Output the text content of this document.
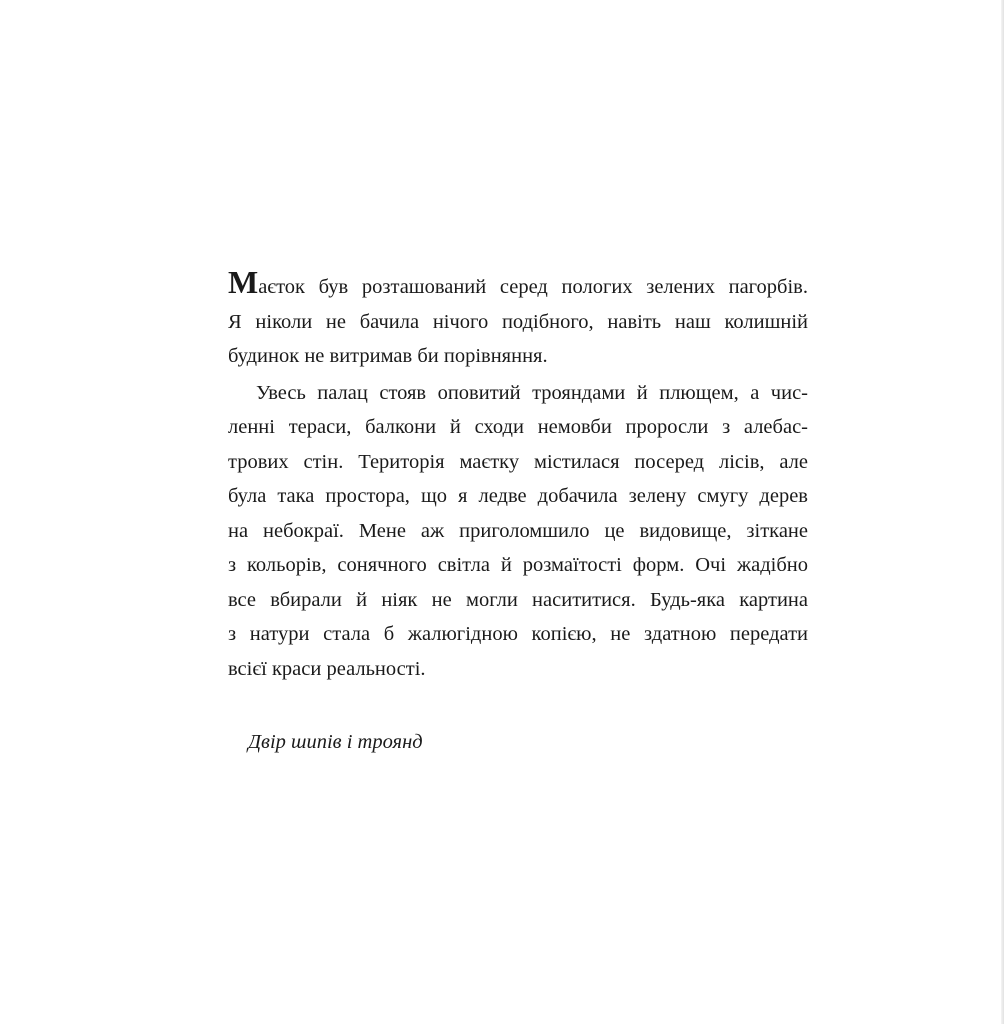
Маєток був розташований серед пологих зелених пагорбів.
Я ніколи не бачила нічого подібного, навіть наш колишній
будинок не витримав би порівняння.
Увесь палац стояв оповитий трояндами й плющем, а чис-
ленні тераси, балкони й сходи немовби проросли з алебас-
трових стін. Територія маєтку містилася посеред лісів, але
була така простора, що я ледве добачила зелену смугу дерев
на небокраї. Мене аж приголомшило це видовище, зіткане
з кольорів, сонячного світла й розмаїтості форм. Очі жадібно
все вбирали й ніяк не могли насититися. Будь-яка картина
з натури стала б жалюгідною копією, не здатною передати
всієї краси реальності.
Двір шипів і троянд
